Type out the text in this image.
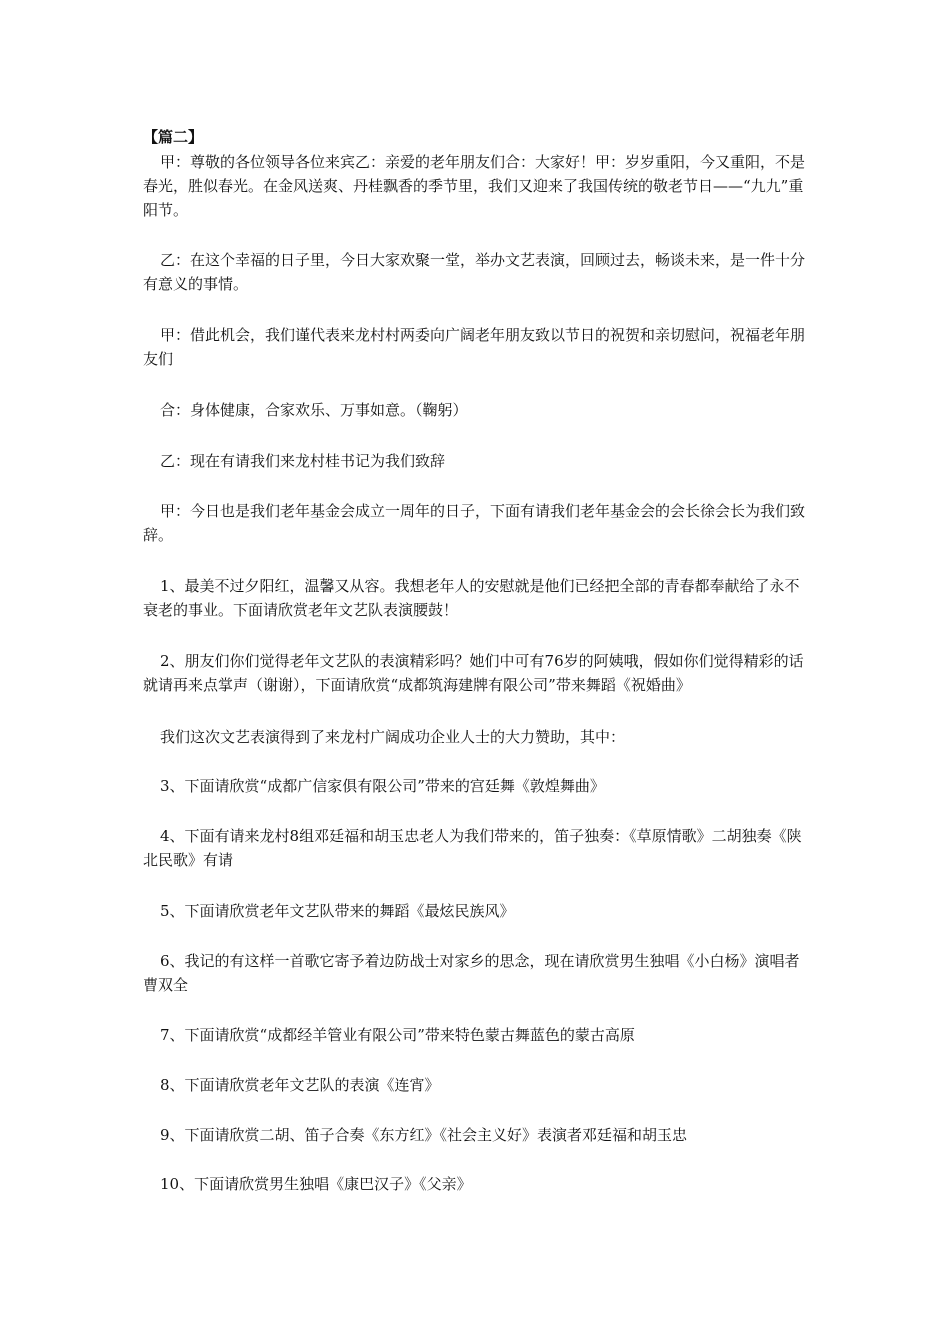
【篇二】

甲：尊敬的各位领导各位来宾乙：亲爱的老年朋友们合：大家好！甲：岁岁重阳，今又重阳，不是春光，胜似春光。在金风送爽、丹桂飘香的季节里，我们又迎来了我国传统的敬老节日——“九九”重阳节。

乙：在这个幸福的日子里，今日大家欢聚一堂，举办文艺表演，回顾过去，畅谈未来，是一件十分有意义的事情。

甲：借此机会，我们谨代表来龙村村两委向广阔老年朋友致以节日的祝贺和亲切慰问，祝福老年朋友们

合：身体健康，合家欢乐、万事如意。（鞠躬）

乙：现在有请我们来龙村桂书记为我们致辞

甲：今日也是我们老年基金会成立一周年的日子，下面有请我们老年基金会的会长徐会长为我们致辞。

1、最美不过夕阳红，温馨又从容。我想老年人的安慰就是他们已经把全部的青春都奉献给了永不衰老的事业。下面请欣赏老年文艺队表演腰鼓！

2、朋友们你们觉得老年文艺队的表演精彩吗？她们中可有76岁的阿姨哦，假如你们觉得精彩的话就请再来点掌声（谢谢），下面请欣赏“成都筑海建牌有限公司”带来舞蹈《祝婚曲》

我们这次文艺表演得到了来龙村广阔成功企业人士的大力赞助，其中：

3、下面请欣赏“成都广信家俱有限公司”带来的宫廷舞《敦煌舞曲》

4、下面有请来龙村8组邓廷福和胡玉忠老人为我们带来的，笛子独奏：《草原情歌》二胡独奏《陕北民歌》有请

5、下面请欣赏老年文艺队带来的舞蹈《最炫民族风》

6、我记的有这样一首歌它寄予着边防战士对家乡的思念，现在请欣赏男生独唱《小白杨》演唱者曹双全

7、下面请欣赏“成都经羊管业有限公司”带来特色蒙古舞蓝色的蒙古高原

8、下面请欣赏老年文艺队的表演《连宵》

9、下面请欣赏二胡、笛子合奏《东方红》《社会主义好》表演者邓廷福和胡玉忠

10、下面请欣赏男生独唱《康巴汉子》《父亲》
